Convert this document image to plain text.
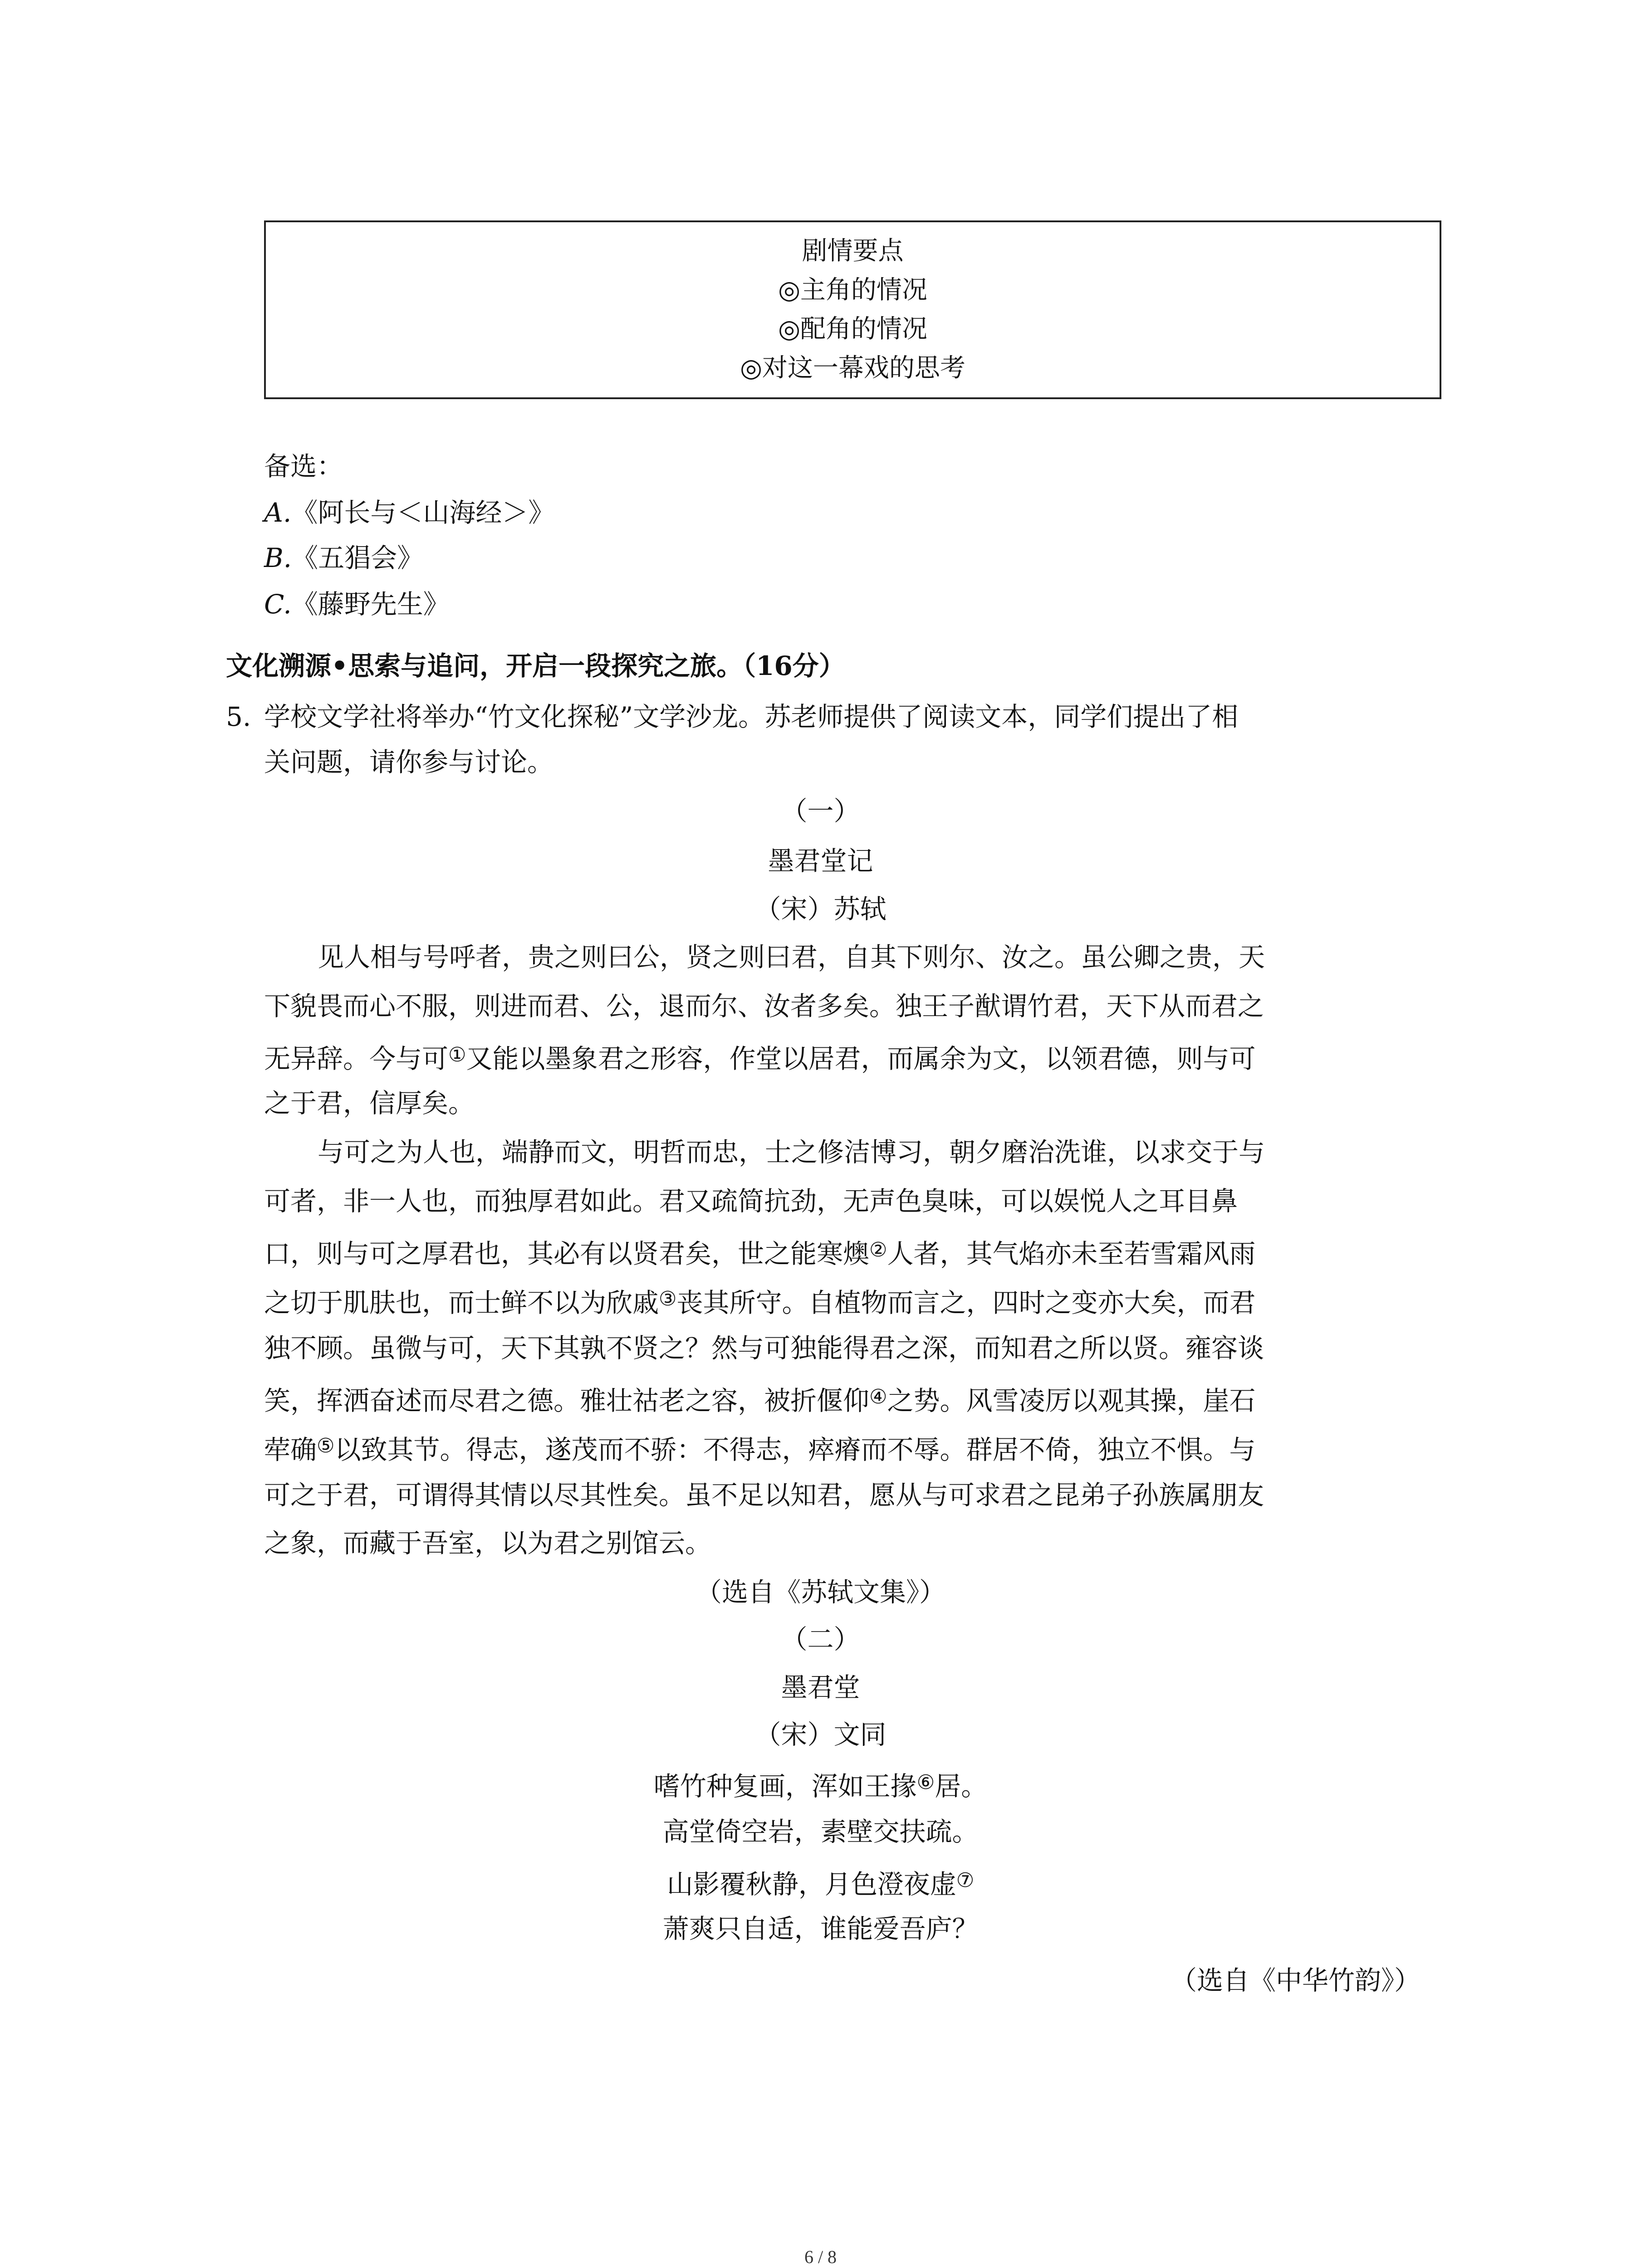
剧情要点
◎主角的情况
◎配角的情况
◎对这一幕戏的思考
备选：
A.《阿长与＜山海经＞》
B.《五猖会》
C.《藤野先生》
文化溯源•思索与追问，开启一段探究之旅。（16分）
5. 学校文学社将举办“竹文化探秘”文学沙龙。苏老师提供了阅读文本，同学们提出了相
关问题，请你参与讨论。
（一）
墨君堂记
（宋）苏轼
见人相与号呼者，贵之则曰公，贤之则曰君，自其下则尔、汝之。虽公卿之贵，天
下貌畏而心不服，则进而君、公，退而尔、汝者多矣。独王子猷谓竹君，天下从而君之
无异辞。今与可①又能以墨象君之形容，作堂以居君，而属余为文，以领君德，则与可
之于君，信厚矣。
与可之为人也，端静而文，明哲而忠，士之修洁博习，朝夕磨治洗谁，以求交于与
可者，非一人也，而独厚君如此。君又疏简抗劲，无声色臭味，可以娱悦人之耳目鼻
口，则与可之厚君也，其必有以贤君矣，世之能寒燠②人者，其气焰亦未至若雪霜风雨
之切于肌肤也，而士鲜不以为欣戚③丧其所守。自植物而言之，四时之变亦大矣，而君
独不顾。虽微与可，天下其孰不贤之？然与可独能得君之深，而知君之所以贤。雍容谈
笑，挥洒奋述而尽君之德。雅壮祜老之容，被折偃仰④之势。风雪凌厉以观其操，崖石
荦确⑤以致其节。得志，遂茂而不骄：不得志，瘁瘠而不辱。群居不倚，独立不惧。与
可之于君，可谓得其情以尽其性矣。虽不足以知君，愿从与可求君之昆弟子孙族属朋友
之象，而藏于吾室，以为君之别馆云。
（选自《苏轼文集》）
（二）
墨君堂
（宋）文同
嗜竹种复画，浑如王掾⑥居。
高堂倚空岩，素壁交扶疏。
山影覆秋静，月色澄夜虚⑦
萧爽只自适，谁能爱吾庐？
（选自《中华竹韵》）
6 / 8
